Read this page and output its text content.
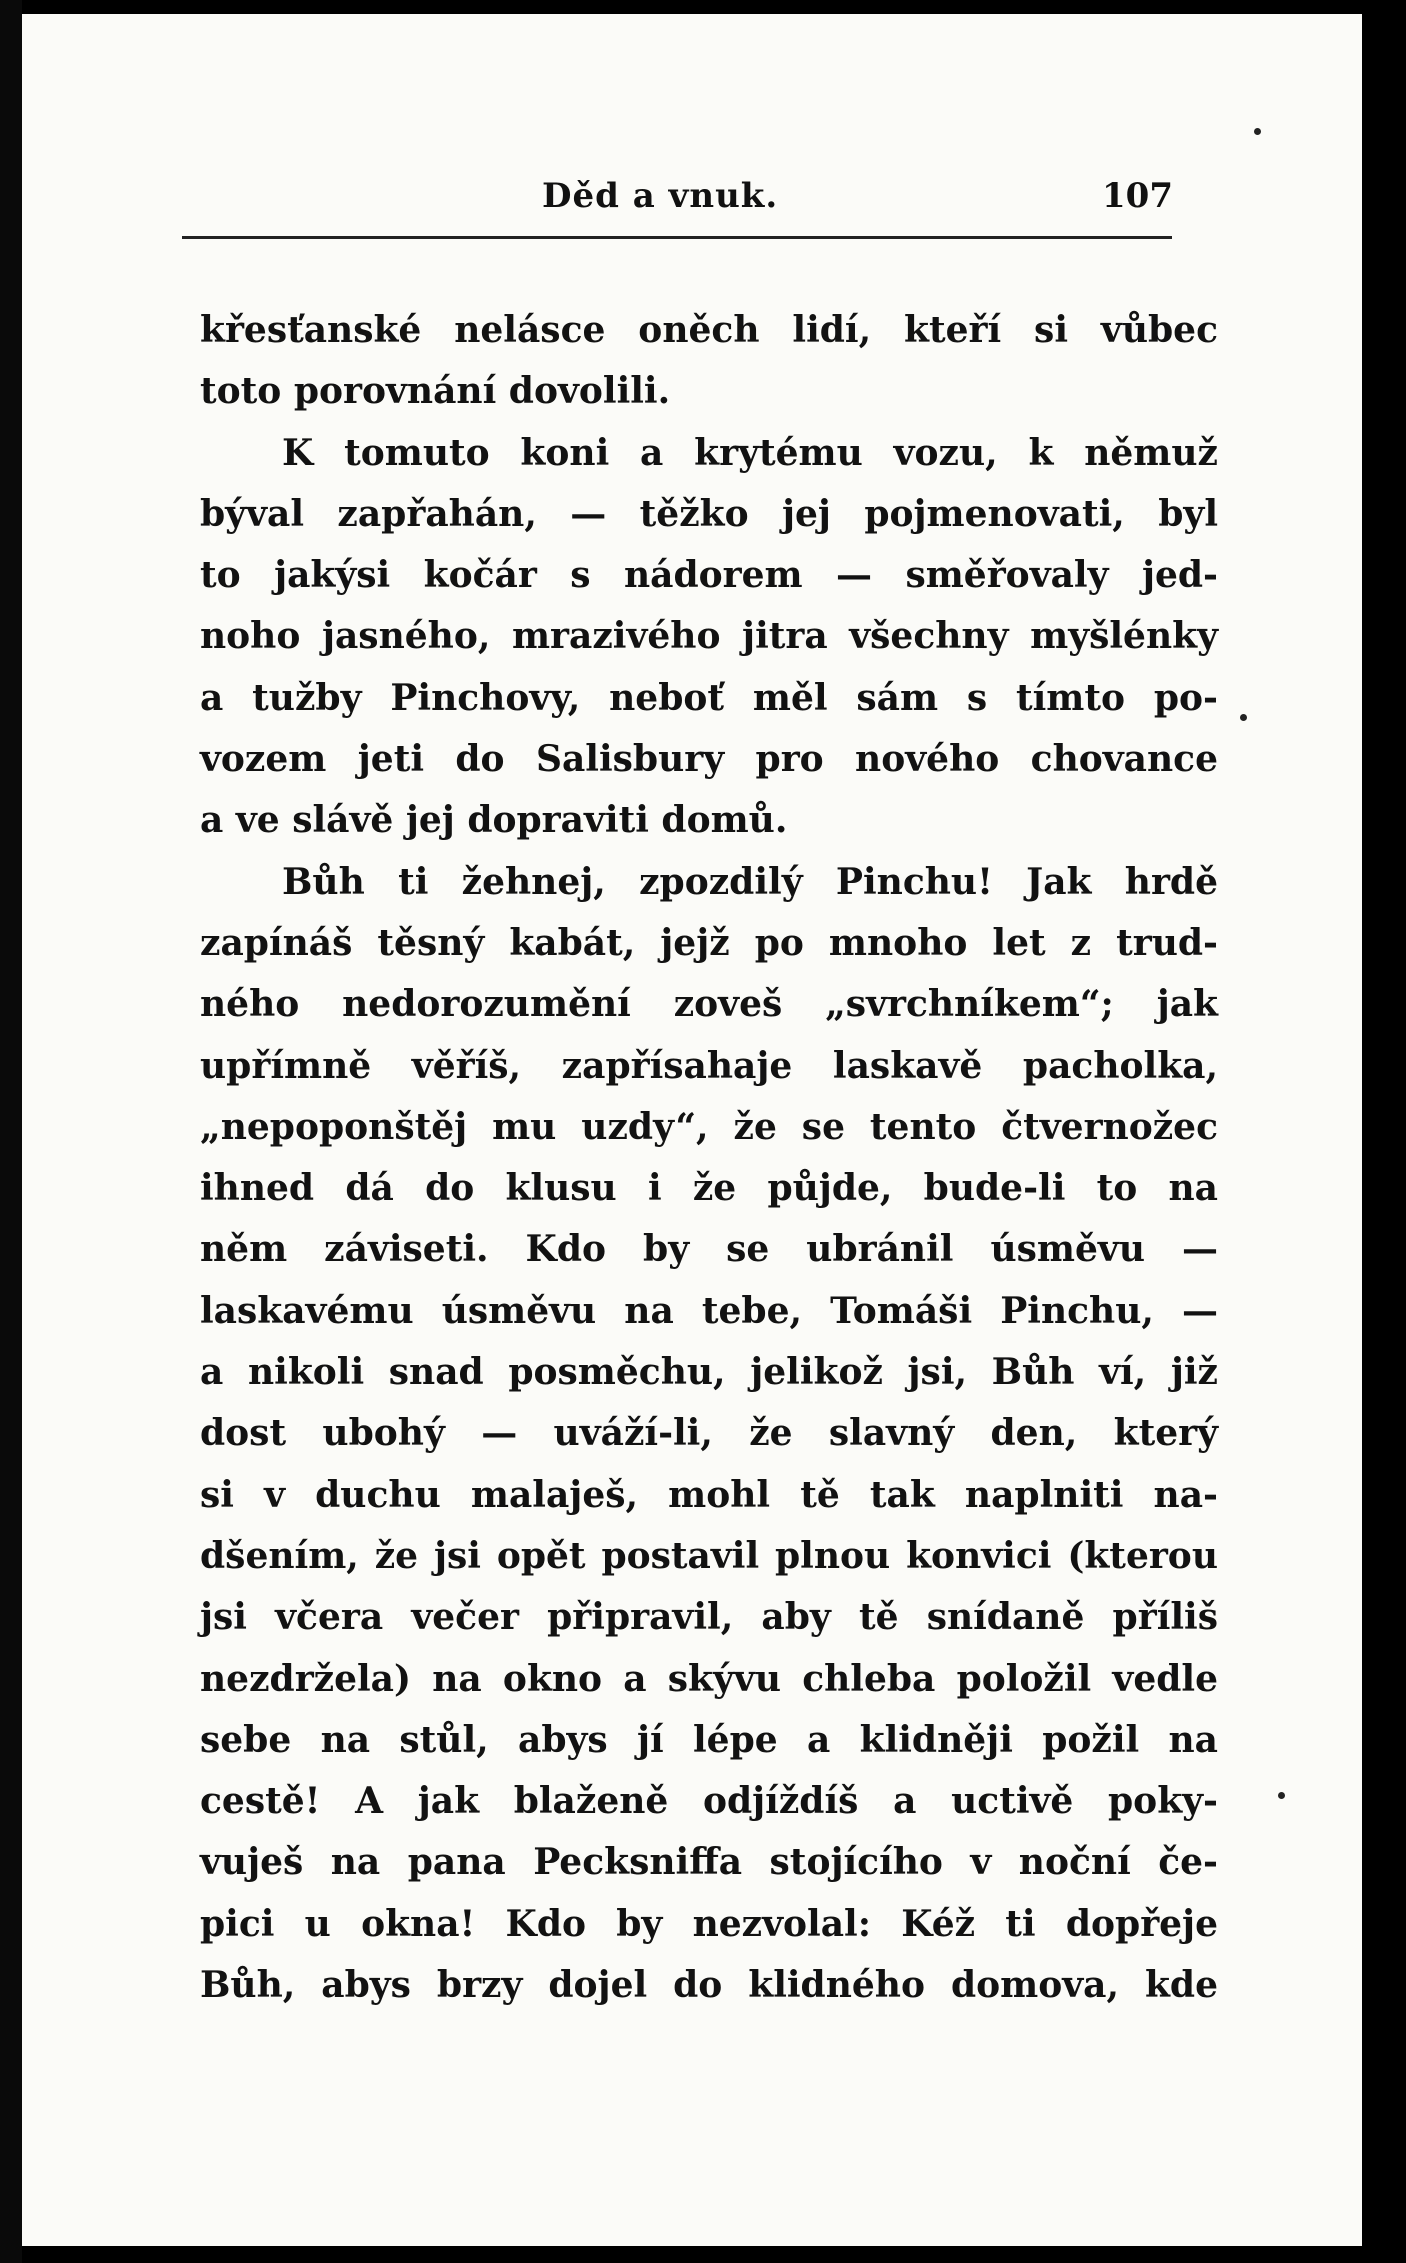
Děd a vnuk.	107
křesťanské nelásce oněch lidí, kteří si vůbec
toto porovnání dovolili.
K tomuto koni a krytému vozu, k němuž
býval zapřahán, — těžko jej pojmenovati, byl
to jakýsi kočár s nádorem — směřovaly jed-
noho jasného, mrazivého jitra všechny myšlénky
a tužby Pinchovy, neboť měl sám s tímto po-
vozem jeti do Salisbury pro nového chovance
a ve slávě jej dopraviti domů.
Bůh ti žehnej, zpozdilý Pinchu! Jak hrdě
zapínáš těsný kabát, jejž po mnoho let z trud-
ného nedorozumění zoveš „svrchníkem“; jak
upřímně věříš, zapřísahaje laskavě pacholka,
„nepoponštěj mu uzdy“, že se tento čtvernožec
ihned dá do klusu i že půjde, bude-li to na
něm záviseti. Kdo by se ubránil úsměvu —
laskavému úsměvu na tebe, Tomáši Pinchu, —
a nikoli snad posměchu, jelikož jsi, Bůh ví, již
dost ubohý — uváží-li, že slavný den, který
si v duchu malaješ, mohl tě tak naplniti na-
dšením, že jsi opět postavil plnou konvici (kterou
jsi včera večer připravil, aby tě snídaně příliš
nezdržela) na okno a skývu chleba položil vedle
sebe na stůl, abys jí lépe a klidněji požil na
cestě! A jak blaženě odjíždíš a uctivě poky-
vuješ na pana Pecksniffa stojícího v noční če-
pici u okna! Kdo by nezvolal: Kéž ti dopřeje
Bůh, abys brzy dojel do klidného domova, kde
